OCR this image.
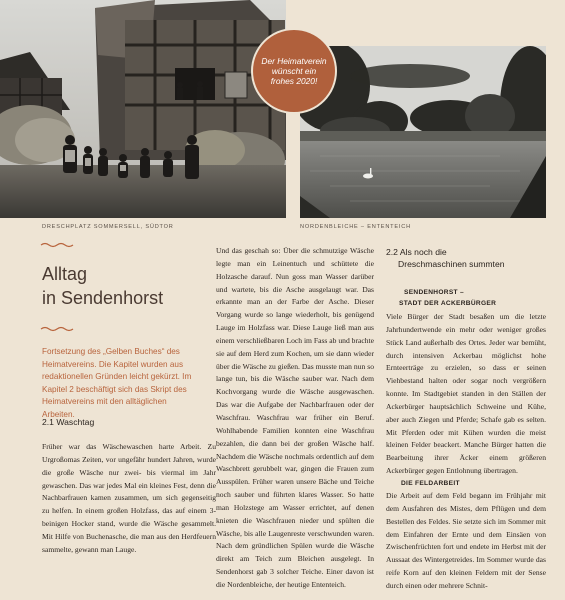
Der Heimatverein wünscht ein frohes 2020!
DRESCHPLATZ SOMMERSELL, SÜDTOR	NORDENBLEICHE – ENTENTEICH
Alltag
in Sendenhorst
Fortsetzung des „Gelben Buches“ des Heimatvereins. Die Kapitel wurden aus redaktionellen Gründen leicht gekürzt. Im Kapitel 2 beschäftigt sich das Skript des Heimatvereins mit den alltäglichen Arbeiten.
2.1 Waschtag
Früher war das Wäschewaschen harte Arbeit. Zu Urgroßomas Zeiten, vor ungefähr hundert Jahren, wurde die große Wäsche nur zwei- bis viermal im Jahr gewaschen. Das war jedes Mal ein kleines Fest, denn die Nachbarfrauen kamen zusammen, um sich gegenseitig zu helfen. In einem großen Holzfass, das auf einem 3-beinigen Hocker stand, wurde die Wäsche gesammelt. Mit Hilfe von Buchenasche, die man aus den Herdfeuern sammelte, gewann man Lauge.
Und das geschah so: Über die schmutzige Wäsche legte man ein Leinentuch und schüttete die Holzasche darauf. Nun goss man Wasser darüber und wartete, bis die Asche ausgelaugt war. Das erkannte man an der Farbe der Asche. Dieser Vorgang wurde so lange wiederholt, bis genügend Lauge im Holzfass war. Diese Lauge ließ man aus einem verschließbaren Loch im Fass ab und brachte sie auf dem Herd zum Kochen, um sie dann wieder über die Wäsche zu gießen. Das musste man nun so lange tun, bis die Wäsche sauber war. Nach dem Kochvorgang wurde die Wäsche ausgewaschen. Das war die Aufgabe der Nachbarfrauen oder der Waschfrau. Waschfrau war früher ein Beruf. Wohlhabende Familien konnten eine Waschfrau bezahlen, die dann bei der großen Wäsche half. Nachdem die Wäsche nochmals ordentlich auf dem Waschbrett gerubbelt war, gingen die Frauen zum Ausspülen. Früher waren unsere Bäche und Teiche noch sauber und führten klares Wasser. So hatte man Holzstege am Wasser errichtet, auf denen knieten die Waschfrauen nieder und spülten die Wäsche, bis alle Laugenreste verschwunden waren. Nach dem gründlichen Spülen wurde die Wäsche direkt am Teich zum Bleichen ausgelegt. In Sendenhorst gab 3 solcher Teiche. Einer davon ist die Nordenbleiche, der heutige Ententeich.
2.2 Als noch die
Dreschmaschinen summten
SENDENHORST –
STADT DER ACKERBÜRGER
Viele Bürger der Stadt besaßen um die letzte Jahrhundertwende ein mehr oder weniger großes Stück Land außerhalb des Ortes. Jeder war bemüht, durch intensiven Ackerbau möglichst hohe Ernteerträge zu erzielen, so dass er seinen Viehbestand halten oder sogar noch vergrößern konnte. Im Stadtgebiet standen in den Ställen der Ackerbürger hauptsächlich Schweine und Kühe, aber auch Ziegen und Pferde; Schafe gab es selten. Mit Pferden oder mit Kühen wurden die meist kleinen Felder beackert. Manche Bürger hatten die Bearbeitung ihrer Äcker einem größeren Ackerbürger gegen Entlohnung übertragen.
DIE FELDARBEIT
Die Arbeit auf dem Feld begann im Frühjahr mit dem Ausfahren des Mistes, dem Pflügen und dem Bestellen des Feldes. Sie setzte sich im Sommer mit dem Einfahren der Ernte und dem Einsäen von Zwischenfrüchten fort und endete im Herbst mit der Aussaat des Wintergetreides. Im Sommer wurde das reife Korn auf den kleinen Feldern mit der Sense durch einen oder mehrere Schnit-
